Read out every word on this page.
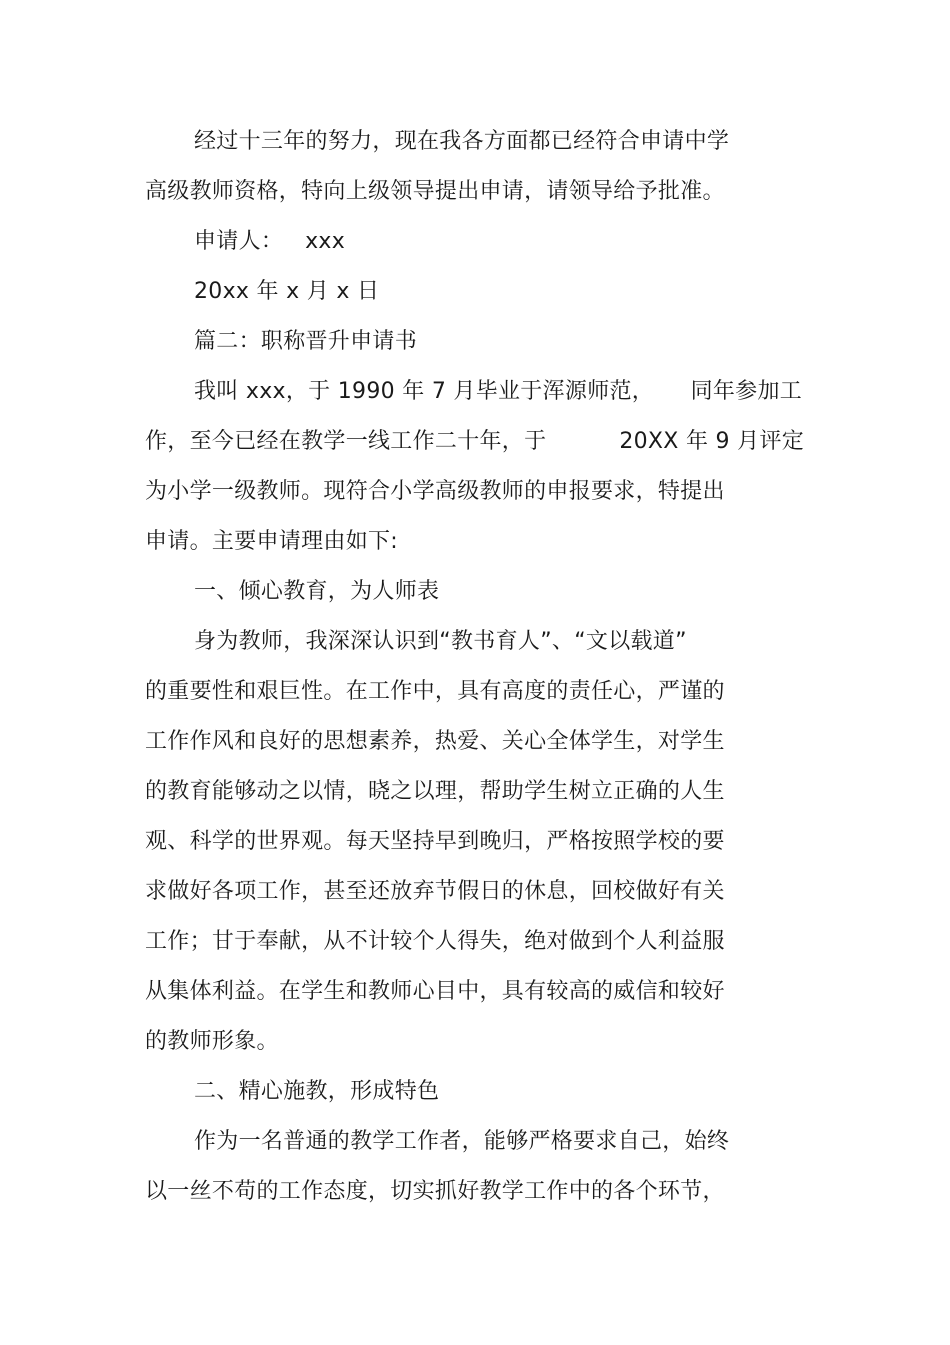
经过十三年的努力，现在我各方面都已经符合申请中学
高级教师资格，特向上级领导提出申请，请领导给予批准。
申请人：   xxx
20xx 年 x 月 x 日
篇二：职称晋升申请书
我叫 xxx，于 1990 年 7 月毕业于浑源师范，     同年参加工
作，至今已经在教学一线工作二十年，于          20XX 年 9 月评定
为小学一级教师。现符合小学高级教师的申报要求，特提出
申请。主要申请理由如下:
一、倾心教育，为人师表
身为教师，我深深认识到“教书育人”、“文以载道”
的重要性和艰巨性。在工作中，具有高度的责任心，严谨的
工作作风和良好的思想素养，热爱、关心全体学生，对学生
的教育能够动之以情，晓之以理，帮助学生树立正确的人生
观、科学的世界观。每天坚持早到晚归，严格按照学校的要
求做好各项工作，甚至还放弃节假日的休息，回校做好有关
工作；甘于奉献，从不计较个人得失，绝对做到个人利益服
从集体利益。在学生和教师心目中，具有较高的威信和较好
的教师形象。
二、精心施教，形成特色
作为一名普通的教学工作者，能够严格要求自己，始终
以一丝不苟的工作态度，切实抓好教学工作中的各个环节，
